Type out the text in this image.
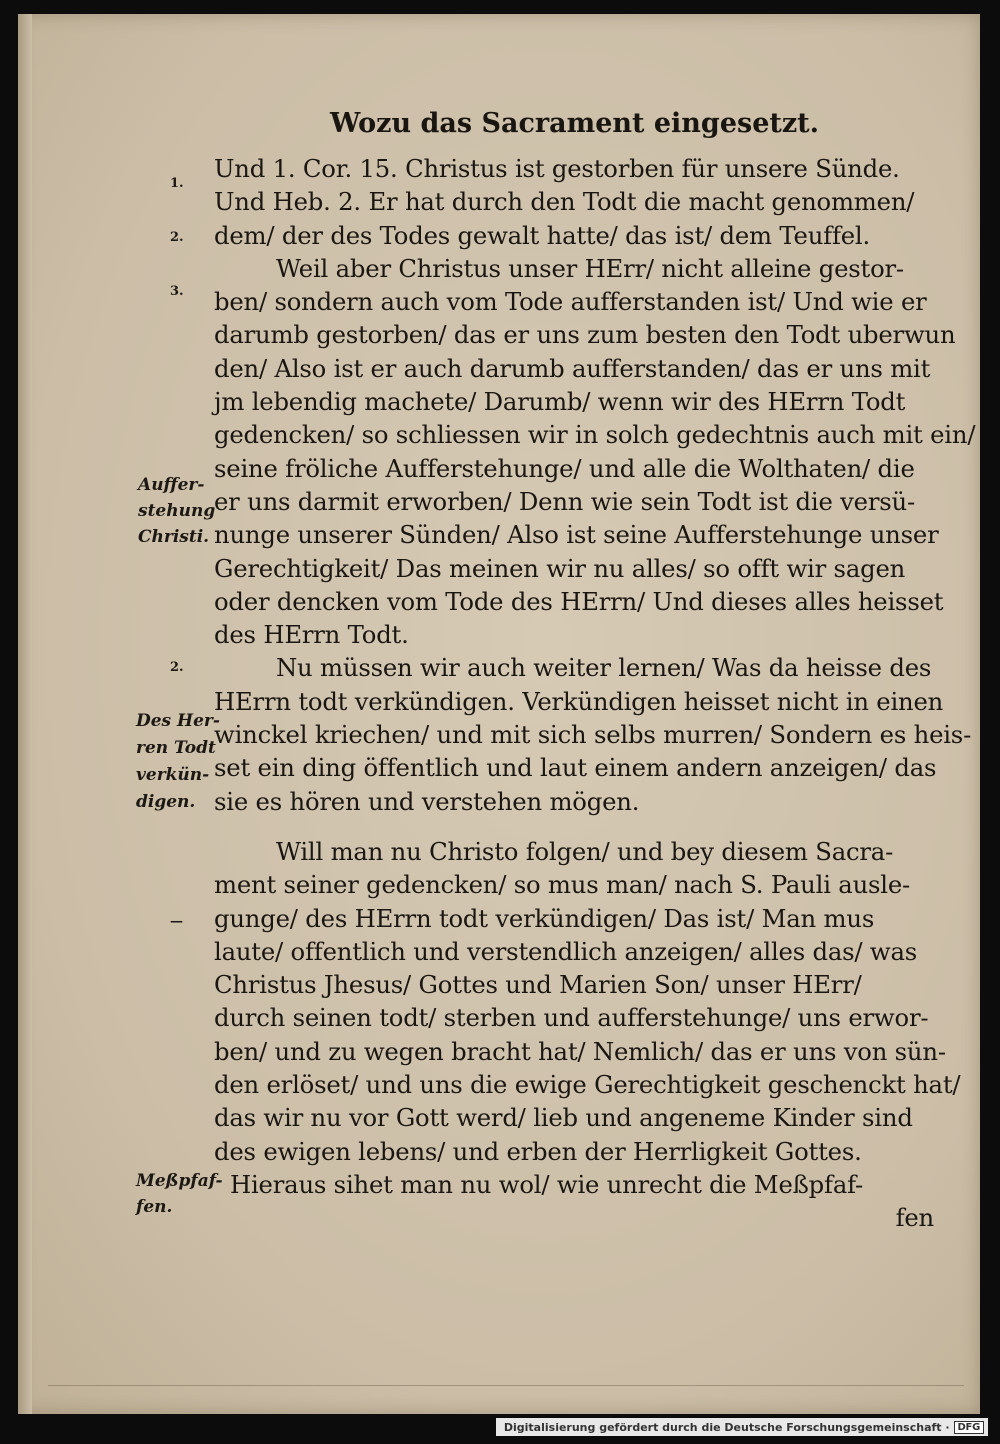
Wozu das Sacrament eingesetzt.
1.
2.
3.
2.
—
Auffer-
stehung
Christi.
Des Her-
ren Todt
verkün-
digen.
Meßpfaf-
fen.
Und 1. Cor. 15. Christus ist gestorben für unsere Sünde.
Und Heb. 2. Er hat durch den Todt die macht genommen/
dem/ der des Todes gewalt hatte/ das ist/ dem Teuffel.
Weil aber Christus unser HErr/ nicht alleine gestor-
ben/ sondern auch vom Tode aufferstanden ist/ Und wie er
darumb gestorben/ das er uns zum besten den Todt uberwun
den/ Also ist er auch darumb aufferstanden/ das er uns mit
jm lebendig machete/ Darumb/ wenn wir des HErrn Todt
gedencken/ so schliessen wir in solch gedechtnis auch mit ein/
seine fröliche Aufferstehunge/ und alle die Wolthaten/ die
er uns darmit erworben/ Denn wie sein Todt ist die versü-
nunge unserer Sünden/ Also ist seine Aufferstehunge unser
Gerechtigkeit/ Das meinen wir nu alles/ so offt wir sagen
oder dencken vom Tode des HErrn/ Und dieses alles heisset
des HErrn Todt.
Nu müssen wir auch weiter lernen/ Was da heisse des
HErrn todt verkündigen. Verkündigen heisset nicht in einen
winckel kriechen/ und mit sich selbs murren/ Sondern es heis-
set ein ding öffentlich und laut einem andern anzeigen/ das
sie es hören und verstehen mögen.
Will man nu Christo folgen/ und bey diesem Sacra-
ment seiner gedencken/ so mus man/ nach S. Pauli ausle-
gunge/ des HErrn todt verkündigen/ Das ist/ Man mus
laute/ offentlich und verstendlich anzeigen/ alles das/ was
Christus Jhesus/ Gottes und Marien Son/ unser HErr/
durch seinen todt/ sterben und aufferstehunge/ uns erwor-
ben/ und zu wegen bracht hat/ Nemlich/ das er uns von sün-
den erlöset/ und uns die ewige Gerechtigkeit geschenckt hat/
das wir nu vor Gott werd/ lieb und angeneme Kinder sind
des ewigen lebens/ und erben der Herrligkeit Gottes.
Hieraus sihet man nu wol/ wie unrecht die Meßpfaf-
fen
Digitalisierung gefördert durch die Deutsche Forschungsgemeinschaft · DFG
